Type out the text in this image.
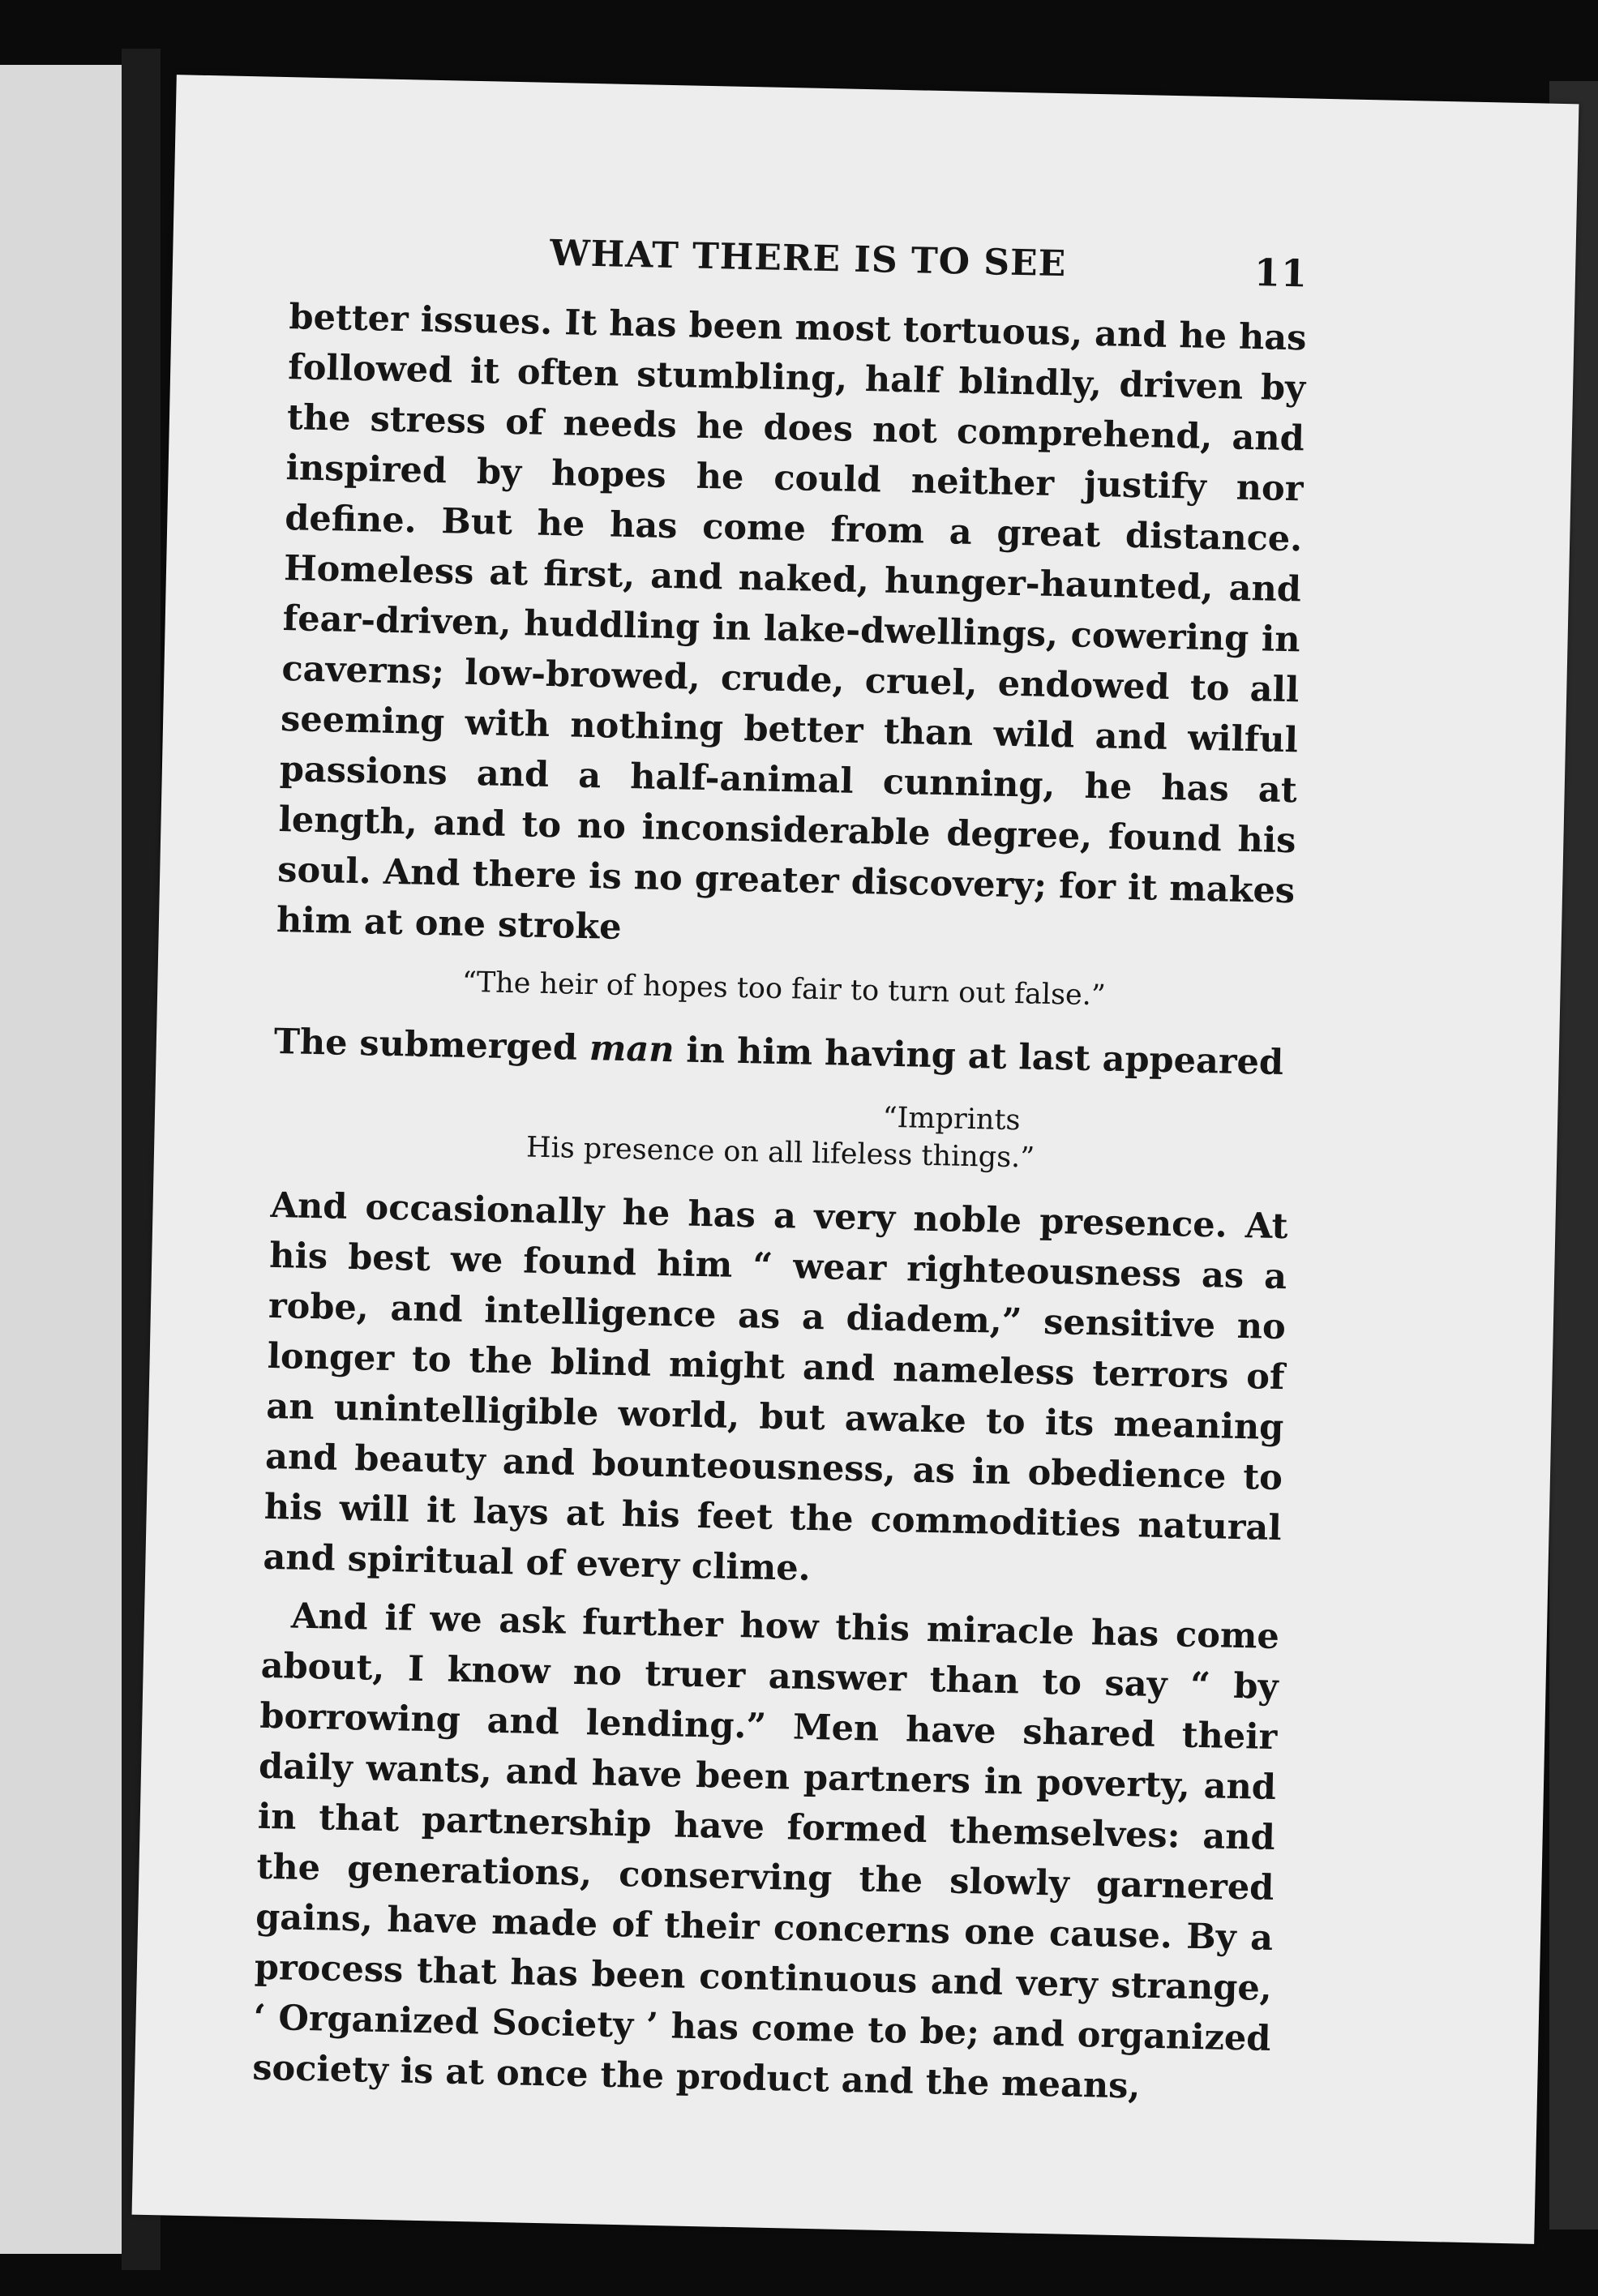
WHAT THERE IS TO SEE	11

better issues. It has been most tortuous, and he has followed it often stumbling, half blindly, driven by the stress of needs he does not comprehend, and inspired by hopes he could neither justify nor define. But he has come from a great distance. Homeless at first, and naked, hunger-haunted, and fear-driven, huddling in lake-dwellings, cowering in caverns; low-browed, crude, cruel, endowed to all seeming with nothing better than wild and wilful passions and a half-animal cunning, he has at length, and to no inconsiderable degree, found his soul. And there is no greater discovery; for it makes him at one stroke

“The heir of hopes too fair to turn out false.”

The submerged man in him having at last appeared

“Imprints

His presence on all lifeless things.”

And occasionally he has a very noble presence. At his best we found him “ wear righteousness as a robe, and intelligence as a diadem,” sensitive no longer to the blind might and nameless terrors of an unintelligible world, but awake to its meaning and beauty and bounteousness, as in obedience to his will it lays at his feet the commodities natural and spiritual of every clime.

And if we ask further how this miracle has come about, I know no truer answer than to say “ by borrowing and lending.” Men have shared their daily wants, and have been partners in poverty, and in that partnership have formed themselves: and the generations, conserving the slowly garnered gains, have made of their concerns one cause. By a process that has been continuous and very strange, ‘ Organized Society ’ has come to be; and organized society is at once the product and the means,
